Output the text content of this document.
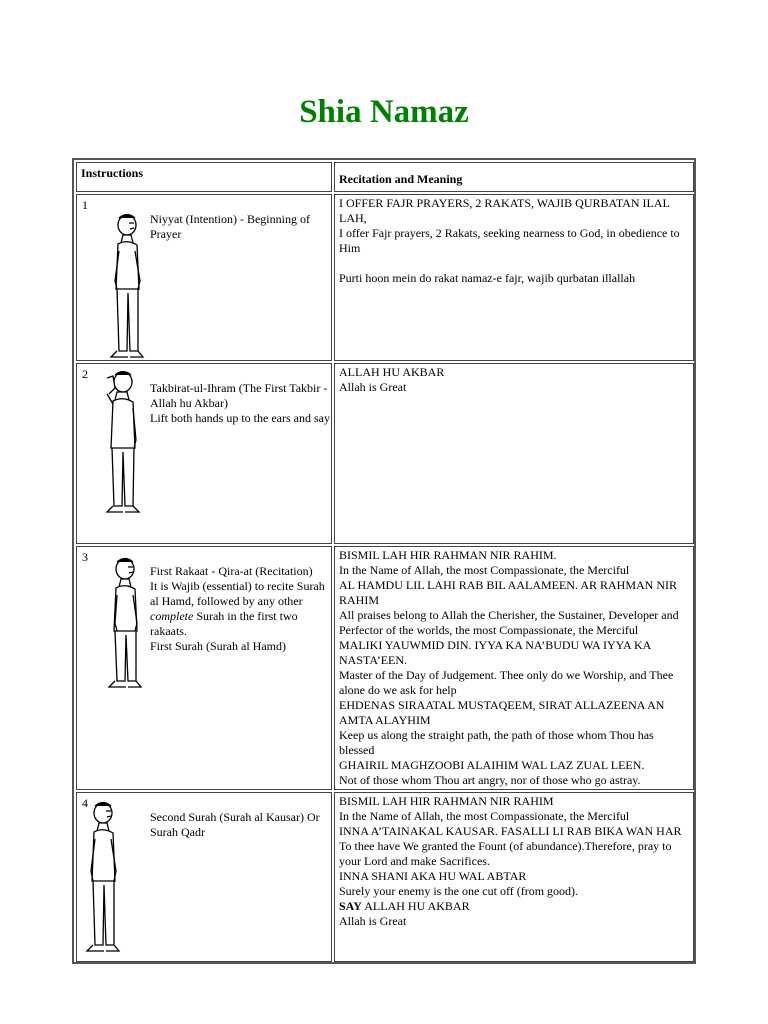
Shia Namaz
Instructions	Recitation and Meaning
1

Niyyat (Intention) - Beginning of Prayer

I OFFER FAJR PRAYERS, 2 RAKATS, WAJIB QURBATAN ILAL LAH,

I offer Fajr prayers, 2 Rakats, seeking nearness to God, in obedience to Him

Purti hoon mein do rakat namaz-e fajr, wajib qurbatan illallah

2

Takbirat-ul-Ihram (The First Takbir - Allah hu Akbar)

Lift both hands up to the ears and say

ALLAH HU AKBAR

Allah is Great

3

First Rakaat - Qira-at (Recitation)

It is Wajib (essential) to recite Surah al Hamd, followed by any other complete Surah in the first two rakaats.

First Surah (Surah al Hamd)

BISMIL LAH HIR RAHMAN NIR RAHIM.

In the Name of Allah, the most Compassionate, the Merciful

AL HAMDU LIL LAHI RAB BIL AALAMEEN. AR RAHMAN NIR RAHIM

All praises belong to Allah the Cherisher, the Sustainer, Developer and Perfector of the worlds, the most Compassionate, the Merciful

MALIKI YAUWMID DIN. IYYA KA NA’BUDU WA IYYA KA NASTA’EEN.

Master of the Day of Judgement. Thee only do we Worship, and Thee alone do we ask for help

EHDENAS SIRAATAL MUSTAQEEM, SIRAT ALLAZEENA AN AMTA ALAYHIM

Keep us along the straight path, the path of those whom Thou has blessed

GHAIRIL MAGHZOOBI ALAIHIM WAL LAZ ZUAL LEEN.

Not of those whom Thou art angry, nor of those who go astray.

4

Second Surah (Surah al Kausar) Or Surah Qadr

BISMIL LAH HIR RAHMAN NIR RAHIM

In the Name of Allah, the most Compassionate, the Merciful

INNA A’TAINAKAL KAUSAR. FASALLI LI RAB BIKA WAN HAR

To thee have We granted the Fount (of abundance).Therefore, pray to your Lord and make Sacrifices.

INNA SHANI AKA HU WAL ABTAR

Surely your enemy is the one cut off (from good).

SAY ALLAH HU AKBAR

Allah is Great
